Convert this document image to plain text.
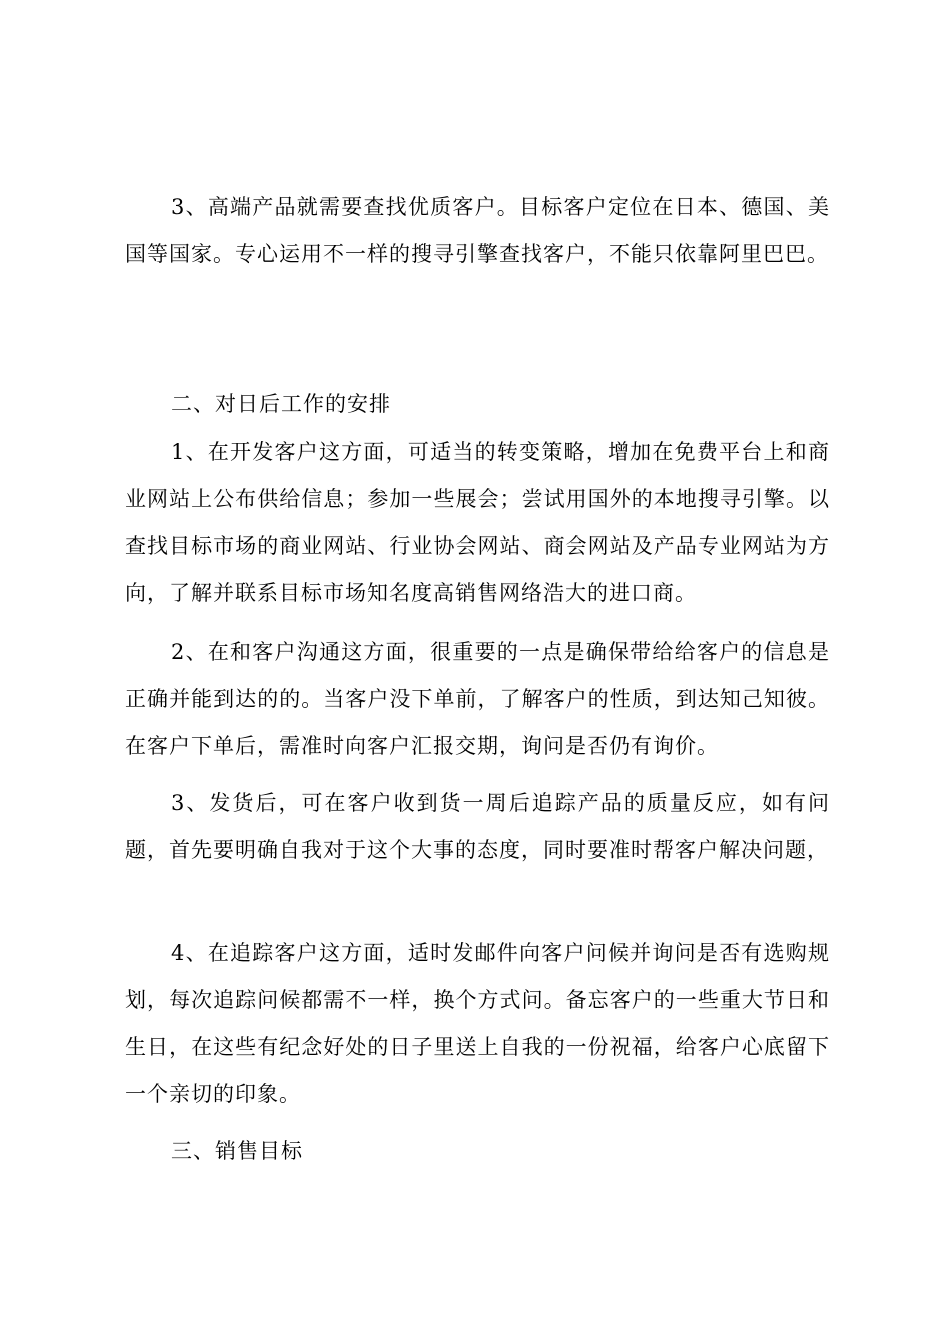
3、高端产品就需要查找优质客户。目标客户定位在日本、德国、美国等国家。专心运用不一样的搜寻引擎查找客户，不能只依靠阿里巴巴。

二、对日后工作的安排

1、在开发客户这方面，可适当的转变策略，增加在免费平台上和商业网站上公布供给信息；参加一些展会；尝试用国外的本地搜寻引擎。以查找目标市场的商业网站、行业协会网站、商会网站及产品专业网站为方向，了解并联系目标市场知名度高销售网络浩大的进口商。

2、在和客户沟通这方面，很重要的一点是确保带给给客户的信息是正确并能到达的的。当客户没下单前，了解客户的性质，到达知己知彼。在客户下单后，需准时向客户汇报交期，询问是否仍有询价。

3、发货后，可在客户收到货一周后追踪产品的质量反应，如有问题，首先要明确自我对于这个大事的态度，同时要准时帮客户解决问题，

4、在追踪客户这方面，适时发邮件向客户问候并询问是否有选购规划，每次追踪问候都需不一样，换个方式问。备忘客户的一些重大节日和生日，在这些有纪念好处的日子里送上自我的一份祝福，给客户心底留下一个亲切的印象。

三、销售目标
